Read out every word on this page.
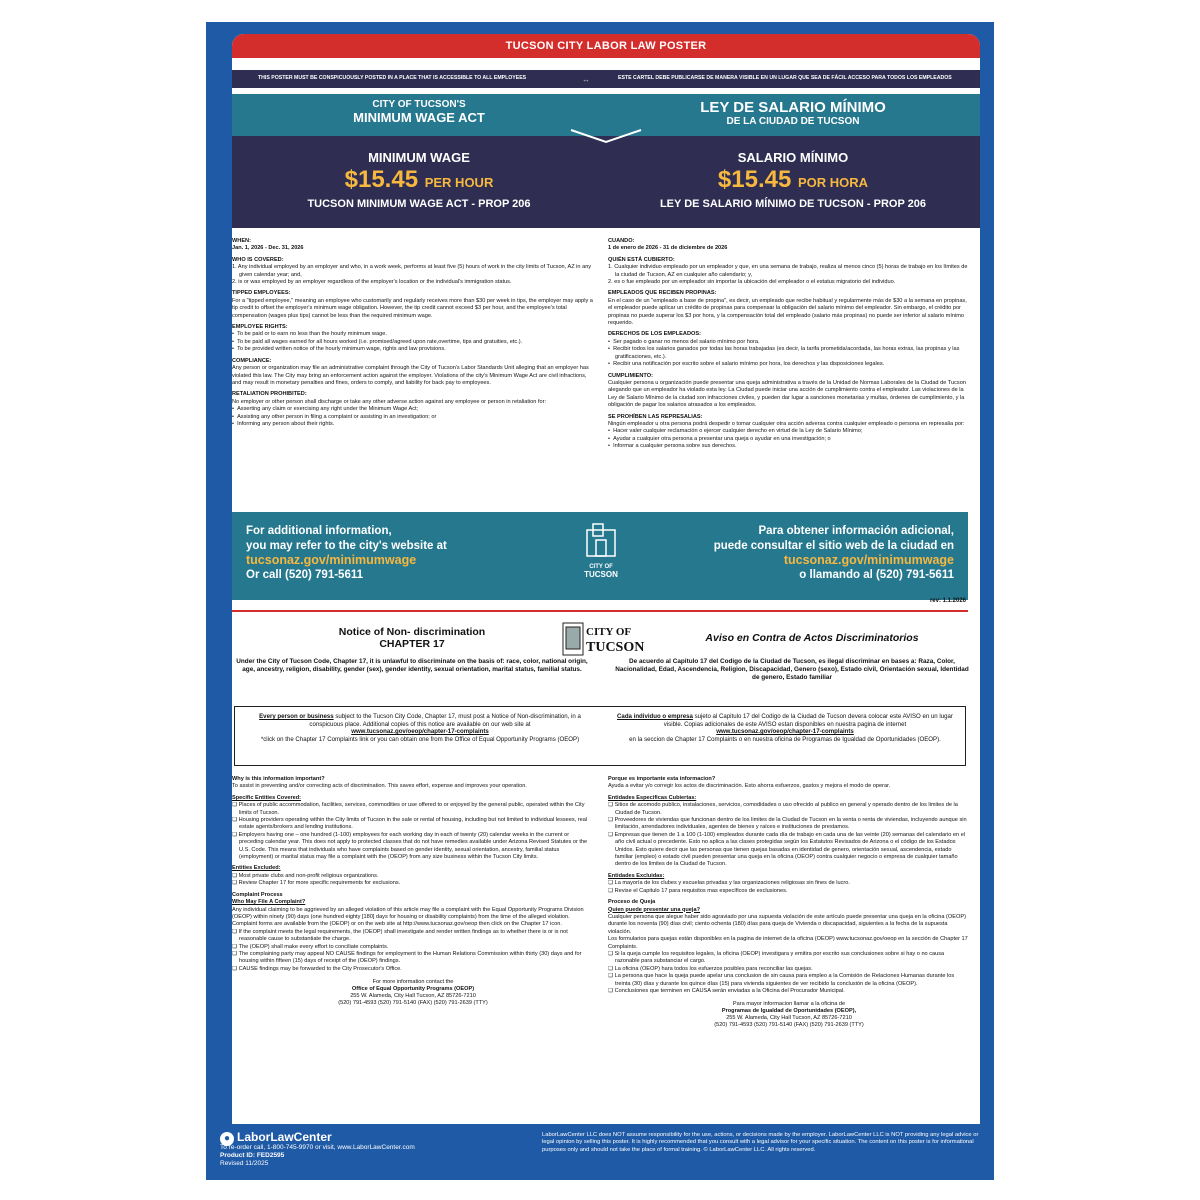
TUCSON CITY LABOR LAW POSTER
THIS POSTER MUST BE CONSPICUOUSLY POSTED IN A PLACE THAT IS ACCESSIBLE TO ALL EMPLOYEES	↔	ESTE CARTEL DEBE PUBLICARSE DE MANERA VISIBLE EN UN LUGAR QUE SEA DE FÁCIL ACCESO PARA TODOS LOS EMPLEADOS
CITY OF TUCSON'S
MINIMUM WAGE ACT
LEY DE SALARIO MÍNIMO
DE LA CIUDAD DE TUCSON
MINIMUM WAGE
$15.45 PER HOUR
TUCSON MINIMUM WAGE ACT - PROP 206
SALARIO MÍNIMO
$15.45 POR HORA
LEY DE SALARIO MÍNIMO DE TUCSON - PROP 206
WHEN:
Jan. 1, 2026 - Dec. 31, 2026
WHO IS COVERED:
1. Any individual employed by an employer and who, in a work week, performs at least five (5) hours of work in the city limits of Tucson, AZ in any given calendar year; and,
2. is or was employed by an employer regardless of the employer's location or the individual's immigration status.
TIPPED EMPLOYEES:
For a "tipped employee," meaning an employee who customarily and regularly receives more than $30 per week in tips, the employer may apply a tip credit to offset the employer's minimum wage obligation. However, the tip credit cannot exceed $3 per hour, and the employee's total compensation (wages plus tips) cannot be less than the required minimum wage.
EMPLOYEE RIGHTS:
•  To be paid or to earn no less than the hourly minimum wage.
•  To be paid all wages earned for all hours worked (i.e. promised/agreed upon rate,overtime, tips and gratuities, etc.).
•  To be provided written notice of the hourly minimum wage, rights and law provisions.
COMPLIANCE:
Any person or organization may file an administrative complaint through the City of Tucson's Labor Standards Unit alleging that an employer has violated this law. The City may bring an enforcement action against the employer. Violations of the city's Minimum Wage Act are civil infractions, and may result in monetary penalties and fines, orders to comply, and liability for back pay to employees.
RETALIATION PROHIBITED:
No employer or other person shall discharge or take any other adverse action against any employee or person in retaliation for:
•  Asserting any claim or exercising any right under the Minimum Wage Act;
•  Assisting any other person in filing a complaint or assisting in an investigation; or
•  Informing any person about their rights.
CUANDO:
1 de enero de 2026 - 31 de diciembre de 2026
QUIÉN ESTÁ CUBIERTO:
1. Cualquier individuo empleado por un empleador y que, en una semana de trabajo, realiza al menos cinco (5) horas de trabajo en los límites de la ciudad de Tucson, AZ en cualquier año calendario; y,
2. es o fue empleado por un empleador sin importar la ubicación del empleador o el estatus migratorio del individuo.
EMPLEADOS QUE RECIBEN PROPINAS:
En el caso de un "empleado a base de propina", es decir, un empleado que recibe habitual y regularmente más de $30 a la semana en propinas, el empleador puede aplicar un crédito de propinas para compensar la obligación del salario mínimo del empleador. Sin embargo, el crédito por propinas no puede superar los $3 por hora, y la compensación total del empleado (salario más propinas) no puede ser inferior al salario mínimo requerido.
DERECHOS DE LOS EMPLEADOS:
•  Ser pagado o ganar no menos del salario mínimo por hora.
•  Recibir todos los salarios ganados por todas las horas trabajadas (es decir, la tarifa prometida/acordada, las horas extras, las propinas y las gratificaciones, etc.).
•  Recibir una notificación por escrito sobre el salario mínimo por hora, los derechos y las disposiciones legales.
CUMPLIMIENTO:
Cualquier persona u organización puede presentar una queja administrativa a través de la Unidad de Normas Laborales de la Ciudad de Tucson alegando que un empleador ha violado esta ley. La Ciudad puede iniciar una acción de cumplimiento contra el empleador. Las violaciones de la Ley de Salario Mínimo de la ciudad son infracciones civiles, y pueden dar lugar a sanciones monetarias y multas, órdenes de cumplimiento, y la obligación de pagar los salarios atrasados a los empleados.
SE PROHÍBEN LAS REPRESALIAS:
Ningún empleador u otra persona podrá despedir o tomar cualquier otra acción adversa contra cualquier empleado o persona en represalia por:
•  Hacer valer cualquier reclamación o ejercer cualquier derecho en virtud de la Ley de Salario Mínimo;
•  Ayudar a cualquier otra persona a presentar una queja o ayudar en una investigación; o
•  Informar a cualquier persona sobre sus derechos.
For additional information,
you may refer to the city's website at
tucsonaz.gov/minimumwage
Or call (520) 791-5611
CITY OF
TUCSON
Para obtener información adicional,
puede consultar el sitio web de la ciudad en
tucsonaz.gov/minimumwage
o llamando al (520) 791-5611
rev: 1.1.2026
Notice of Non- discrimination
CHAPTER 17
CITY OF
TUCSON
Aviso en Contra de Actos Discriminatorios
Under the City of Tucson Code, Chapter 17, it is unlawful to discriminate on the basis of: race, color, national origin, age, ancestry, religion, disability, gender (sex), gender identity, sexual orientation, marital status, familial status.
De acuerdo al Capitulo 17 del Codigo de la Ciudad de Tucson, es ilegal discriminar en bases a: Raza, Color, Nacionalidad, Edad, Ascendencia, Religion, Discapacidad, Genero (sexo), Estado civil, Orientación sexual, Identidad de genero, Estado familiar
Every person or business subject to the Tucson City Code, Chapter 17, must post a Notice of Non-discrimination, in a conspicuous place. Additional copies of this notice are available on our web site at
www.tucsonaz.gov/oeop/chapter-17-complaints
*click on the Chapter 17 Complaints link or you can obtain one from the Office of Equal Opportunity Programs (OEOP)
Cada individuo o empresa sujeto al Capitulo 17 del Codigo de la Ciudad de Tucson devera colocar este AVISO en un lugar visible. Copias adicionales de este AVISO estan disponibles en nuestra pagina de internet
www.tucsonaz.gov/oeop/chapter-17-complaints
en la seccion de Chapter 17 Complaints o en nuestra oficina de Programas de Igualdad de Oportunidades (OEOP).
Why is this information important?
To assist in preventing and/or correcting acts of discrimination. This saves effort, expense and improves your operation.
Specific Entities Covered:
❏ Places of public accommodation, facilities, services, commodities or use offered to or enjoyed by the general public, operated within the City limits of Tucson.
❏ Housing providers operating within the City limits of Tucson in the sale or rental of housing, including but not limited to individual lessees, real estate agents/brokers and lending institutions.
❏ Employers having one – one hundred (1-100) employees for each working day in each of twenty (20) calendar weeks in the current or preceding calendar year. This does not apply to protected classes that do not have remedies available under Arizona Revised Statutes or the U.S. Code. This means that individuals who have complaints based on gender identity, sexual orientation, ancestry, familial status (employment) or marital status may file a complaint with the (OEOP) from any size business within the Tucson City limits.
Entities Excluded:
❏ Most private clubs and non-profit religious organizations.
❏ Review Chapter 17 for more specific requirements for exclusions.
Complaint Process
Who May File A Complaint?
Any individual claiming to be aggrieved by an alleged violation of this article may file a complaint with the Equal Opportunity Programs Division (OEOP) within ninety (90) days (one hundred eighty [180] days for housing or disability complaints) from the time of the alleged violation.
Complaint forms are available from the (OEOP) or on the web site at http://www.tucsonaz.gov/oeop then click on the Chapter 17 icon.
❏ If the complaint meets the legal requirements, the (OEOP) shall investigate and render written findings as to whether there is or is not reasonable cause to substantiate the charge.
❏ The (OEOP) shall make every effort to conciliate complaints.
❏ The complaining party may appeal NO CAUSE findings for employment to the Human Relations Commission within thirty (30) days and for housing within fifteen (15) days of receipt of the (OEOP) findings.
❏ CAUSE findings may be forwarded to the City Prosecutor's Office.
For more information contact the
Office of Equal Opportunity Programs (OEOP)
255 W. Alameda, City Hall Tucson, AZ 85726-7210
(520) 791-4593 (520) 791-5140 (FAX) (520) 791-2639 (TTY)
Porque es importante esta informacion?
Ayuda a evitar y/o corregir los actos de discriminación. Esto ahorra esfuerzos, gastos y mejora el modo de operar.
Entidades Especificas Cubiertas:
❏ Sitios de acomodo publico, instalaciones, servicios, comodidades o uso ofrecido al publico en general y operado dentro de los limites de la Ciudad de Tucson.
❏ Proveedores de viviendas que funcionan dentro de los limites de la Ciudad de Tucson en la venta o renta de viviendas, incluyendo aunque sin limitación, arrendadores individuales, agentes de bienes y raíces e instituciones de prestamos.
❏ Empresas que tienen de 1 a 100 (1-100) empleados durante cada día de trabajo en cada una de las veinte (20) semanas del calendario en el año civil actual o precedente. Esto no aplica a las clases protegidas según los Estatutos Revisados de Arizona o el código de los Estados Unidos. Esto quiere decir que las personas que tienen quejas basadas en identidad de genero, orientación sexual, ascendencia, estado familiar (empleo) o estado civil pueden presentar una queja en la oficina (OEOP) contra cualquier negocio o empresa de cualquier tamaño dentro de los limites de la Ciudad de Tucson.
Entidades Excluidas:
❏ La mayoría de los clubes y escuelas privadas y las organizaciones religiosas sin fines de lucro.
❏ Revise el Capitulo 17 para requisitos mas específicos de exclusiones.
Proceso de Queja
Quien puede presentar una queja?
Cualquier persona que alegue haber sido agraviado por una supuesta violación de este artículo puede presentar una queja en la oficina (OEOP) durante los noventa (90) días civil; ciento ochenta (180) días para queja de Vivienda o discapacidad, siguientes a la fecha de la supuesta violación.
Los formularios para quejas están disponibles en la pagina de internet de la oficina (OEOP) www.tucsonaz.gov/oeop en la sección de Chapter 17 Complaints.
❏ Si la queja cumple los requisitos legales, la oficina (OEOP) investigara y emitira por escrito sus conclusiones sobre si hay o no causa razonable para substanciar el cargo.
❏ La oficina (OEOP) hara todos los esfuerzos posibles para reconciliar las quejas.
❏ La persona que hace la queja puede apelar una conclusion de sin causa para empleo a la Comisión de Relaciones Humanas durante los treinta (30) días y durante los quince días (15) para vivienda siguientes de ver recibido la conclusión de la oficina (OEOP).
❏ Conclusiones que terminen en CAUSA serán enviadas a la Oficina del Procurador Municipal.
Para mayor informacion llamar a la oficina de
Programas de Igualdad de Oportunidades (OEOP),
255 W. Alameda, City Hall Tucson, AZ 85726-7210
(520) 791-4593 (520) 791-5140 (FAX) (520) 791-2639 (TTY)
● LaborLawCenter
To re-order call, 1-800-745-9970 or visit, www.LaborLawCenter.com
Product ID: FED2595
Revised 11/2025
LaborLawCenter LLC does NOT assume responsibility for the use, actions, or decisions made by the employer. LaborLawCenter LLC is NOT providing any legal advice or legal opinion by selling this poster. It is highly recommended that you consult with a legal advisor for your specific situation. The content on this poster is for informational purposes only and should not take the place of formal training. © LaborLawCenter LLC. All rights reserved.
